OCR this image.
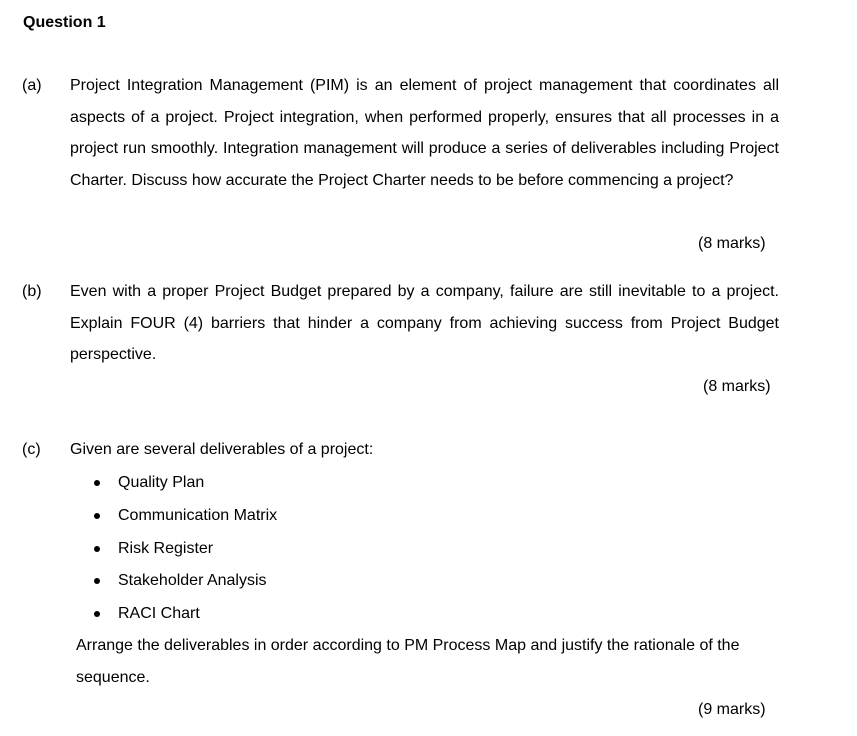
Question 1
(a) Project Integration Management (PIM) is an element of project management that coordinates all aspects of a project. Project integration, when performed properly, ensures that all processes in a project run smoothly. Integration management will produce a series of deliverables including Project Charter. Discuss how accurate the Project Charter needs to be before commencing a project?
(8 marks)
(b) Even with a proper Project Budget prepared by a company, failure are still inevitable to a project. Explain FOUR (4) barriers that hinder a company from achieving success from Project Budget perspective.
(8 marks)
(c) Given are several deliverables of a project:
Quality Plan
Communication Matrix
Risk Register
Stakeholder Analysis
RACI Chart
Arrange the deliverables in order according to PM Process Map and justify the rationale of the sequence.
(9 marks)
